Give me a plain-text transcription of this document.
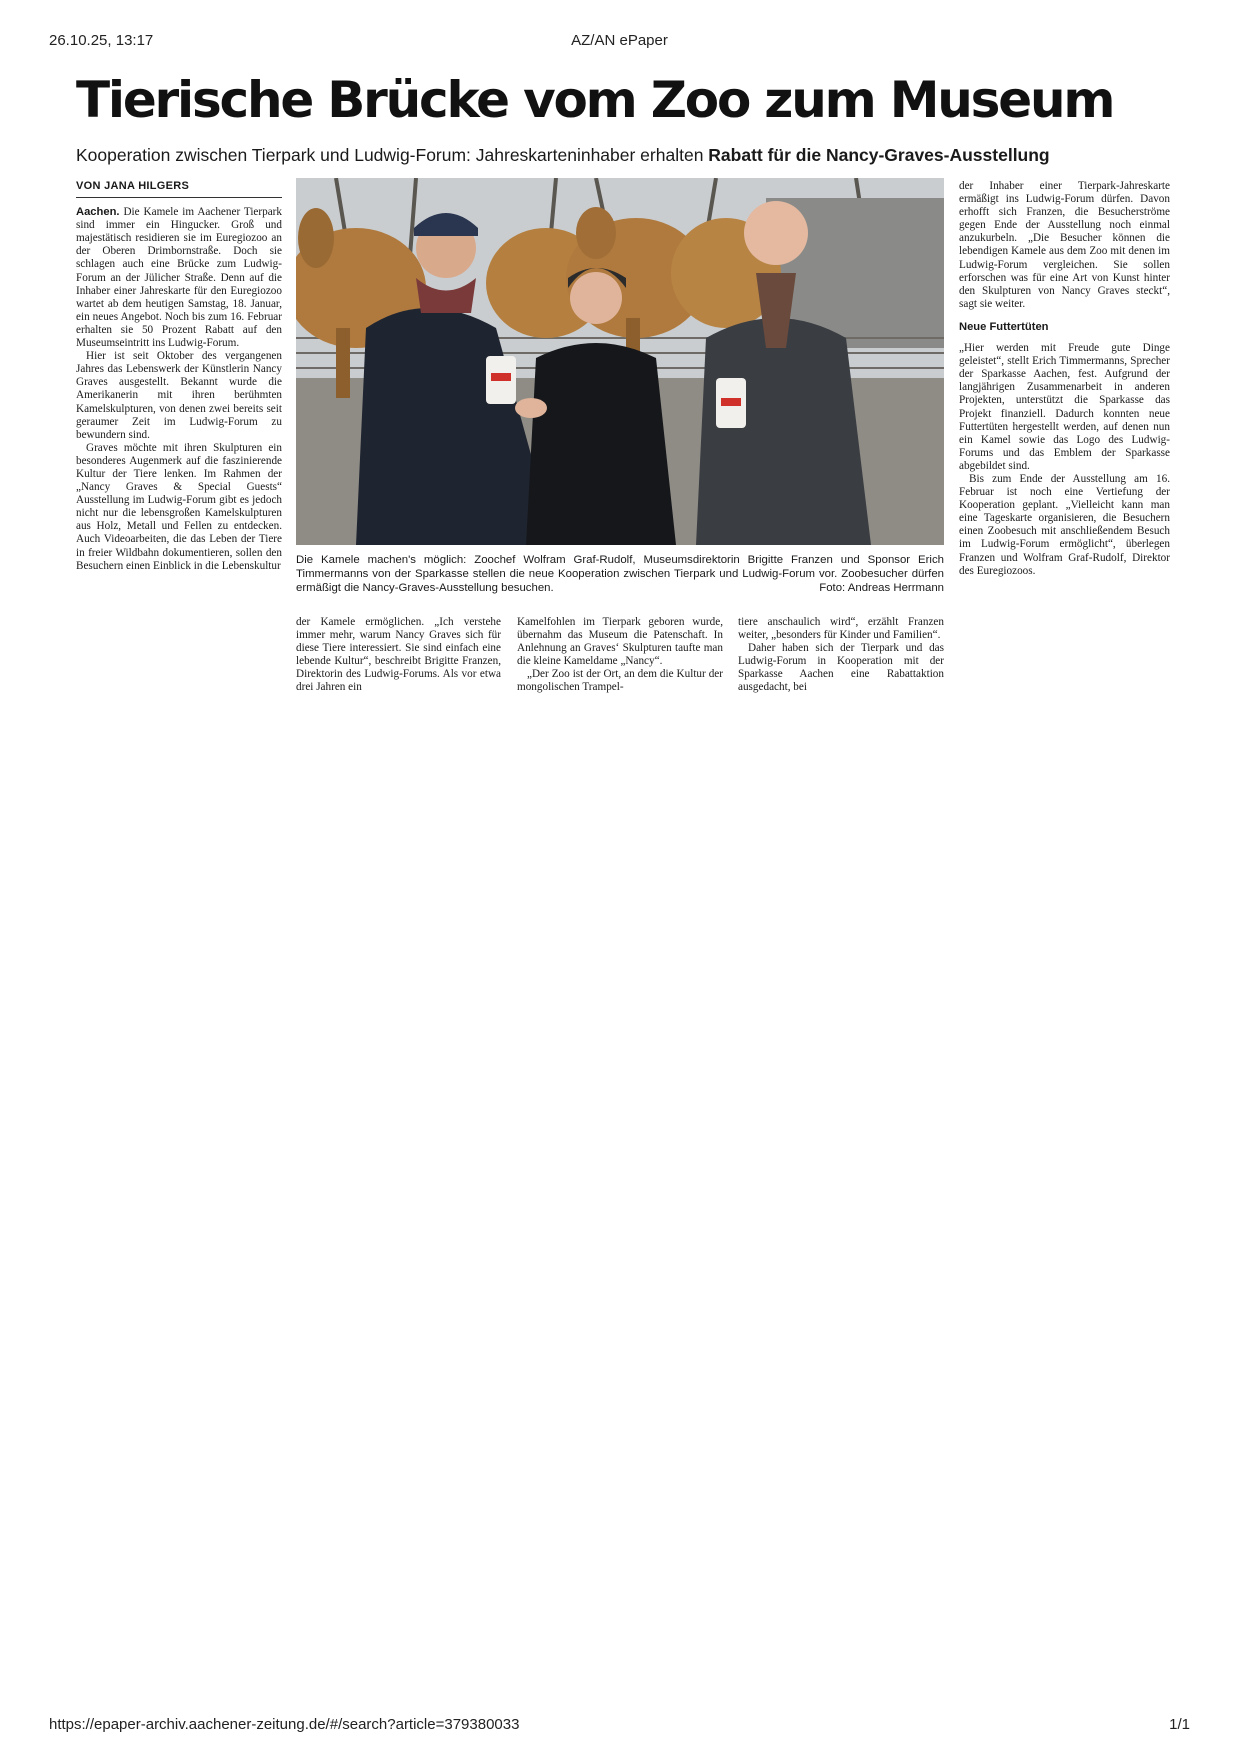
26.10.25, 13:17	AZ/AN ePaper
Tierische Brücke vom Zoo zum Museum
Kooperation zwischen Tierpark und Ludwig-Forum: Jahreskarteninhaber erhalten Rabatt für die Nancy-Graves-Ausstellung
VON JANA HILGERS

Aachen. Die Kamele im Aachener Tierpark sind immer ein Hingucker. Groß und majestätisch residieren sie im Euregiozoo an der Oberen Drimbornstraße. Doch sie schlagen auch eine Brücke zum Ludwig-Forum an der Jülicher Straße. Denn auf die Inhaber einer Jahreskarte für den Euregiozoo wartet ab dem heutigen Samstag, 18. Januar, ein neues Angebot. Noch bis zum 16. Februar erhalten sie 50 Prozent Rabatt auf den Museumseintritt ins Ludwig-Forum.

Hier ist seit Oktober des vergangenen Jahres das Lebenswerk der Künstlerin Nancy Graves ausgestellt. Bekannt wurde die Amerikanerin mit ihren berühmten Kamelskulpturen, von denen zwei bereits seit geraumer Zeit im Ludwig-Forum zu bewundern sind.

Graves möchte mit ihren Skulpturen ein besonderes Augenmerk auf die faszinierende Kultur der Tiere lenken. Im Rahmen der „Nancy Graves & Special Guests“ Ausstellung im Ludwig-Forum gibt es jedoch nicht nur die lebensgroßen Kamelskulpturen aus Holz, Metall und Fellen zu entdecken. Auch Videoarbeiten, die das Leben der Tiere in freier Wildbahn dokumentieren, sollen den Besuchern einen Einblick in die Lebenskultur Die Kamele machen's möglich: Zoochef Wolfram Graf-Rudolf, Museumsdirektorin Brigitte Franzen und Sponsor Erich Timmermanns von der Sparkasse stellen die neue Kooperation zwischen Tierpark und Ludwig-Forum vor. Zoobesucher dürfen ermäßigt die Nancy-Graves-Ausstellung besuchen.	Foto: Andreas Herrmann

der Kamele ermöglichen. „Ich verstehe immer mehr, warum Nancy Graves sich für diese Tiere interessiert. Sie sind einfach eine lebende Kultur“, beschreibt Brigitte Franzen, Direktorin des Ludwig-Forums. Als vor etwa drei Jahren ein

Kamelfohlen im Tierpark geboren wurde, übernahm das Museum die Patenschaft. In Anlehnung an Graves‘ Skulpturen taufte man die kleine Kameldame „Nancy“.

„Der Zoo ist der Ort, an dem die Kultur der mongolischen Trampel-

tiere anschaulich wird“, erzählt Franzen weiter, „besonders für Kinder und Familien“.

Daher haben sich der Tierpark und das Ludwig-Forum in Kooperation mit der Sparkasse Aachen eine Rabattaktion ausgedacht, bei

der Inhaber einer Tierpark-Jahreskarte ermäßigt ins Ludwig-Forum dürfen. Davon erhofft sich Franzen, die Besucherströme gegen Ende der Ausstellung noch einmal anzukurbeln. „Die Besucher können die lebendigen Kamele aus dem Zoo mit denen im Ludwig-Forum vergleichen. Sie sollen erforschen was für eine Art von Kunst hinter den Skulpturen von Nancy Graves steckt“, sagt sie weiter.

Neue Futtertüten

„Hier werden mit Freude gute Dinge geleistet“, stellt Erich Timmermanns, Sprecher der Sparkasse Aachen, fest. Aufgrund der langjährigen Zusammenarbeit in anderen Projekten, unterstützt die Sparkasse das Projekt finanziell. Dadurch konnten neue Futtertüten hergestellt werden, auf denen nun ein Kamel sowie das Logo des Ludwig-Forums und das Emblem der Sparkasse abgebildet sind.

Bis zum Ende der Ausstellung am 16. Februar ist noch eine Vertiefung der Kooperation geplant. „Vielleicht kann man eine Tageskarte organisieren, die Besuchern einen Zoobesuch mit anschließendem Besuch im Ludwig-Forum ermöglicht“, überlegen Franzen und Wolfram Graf-Rudolf, Direktor des Euregiozoos.

https://epaper-archiv.aachener-zeitung.de/#/search?article=379380033	1/1
